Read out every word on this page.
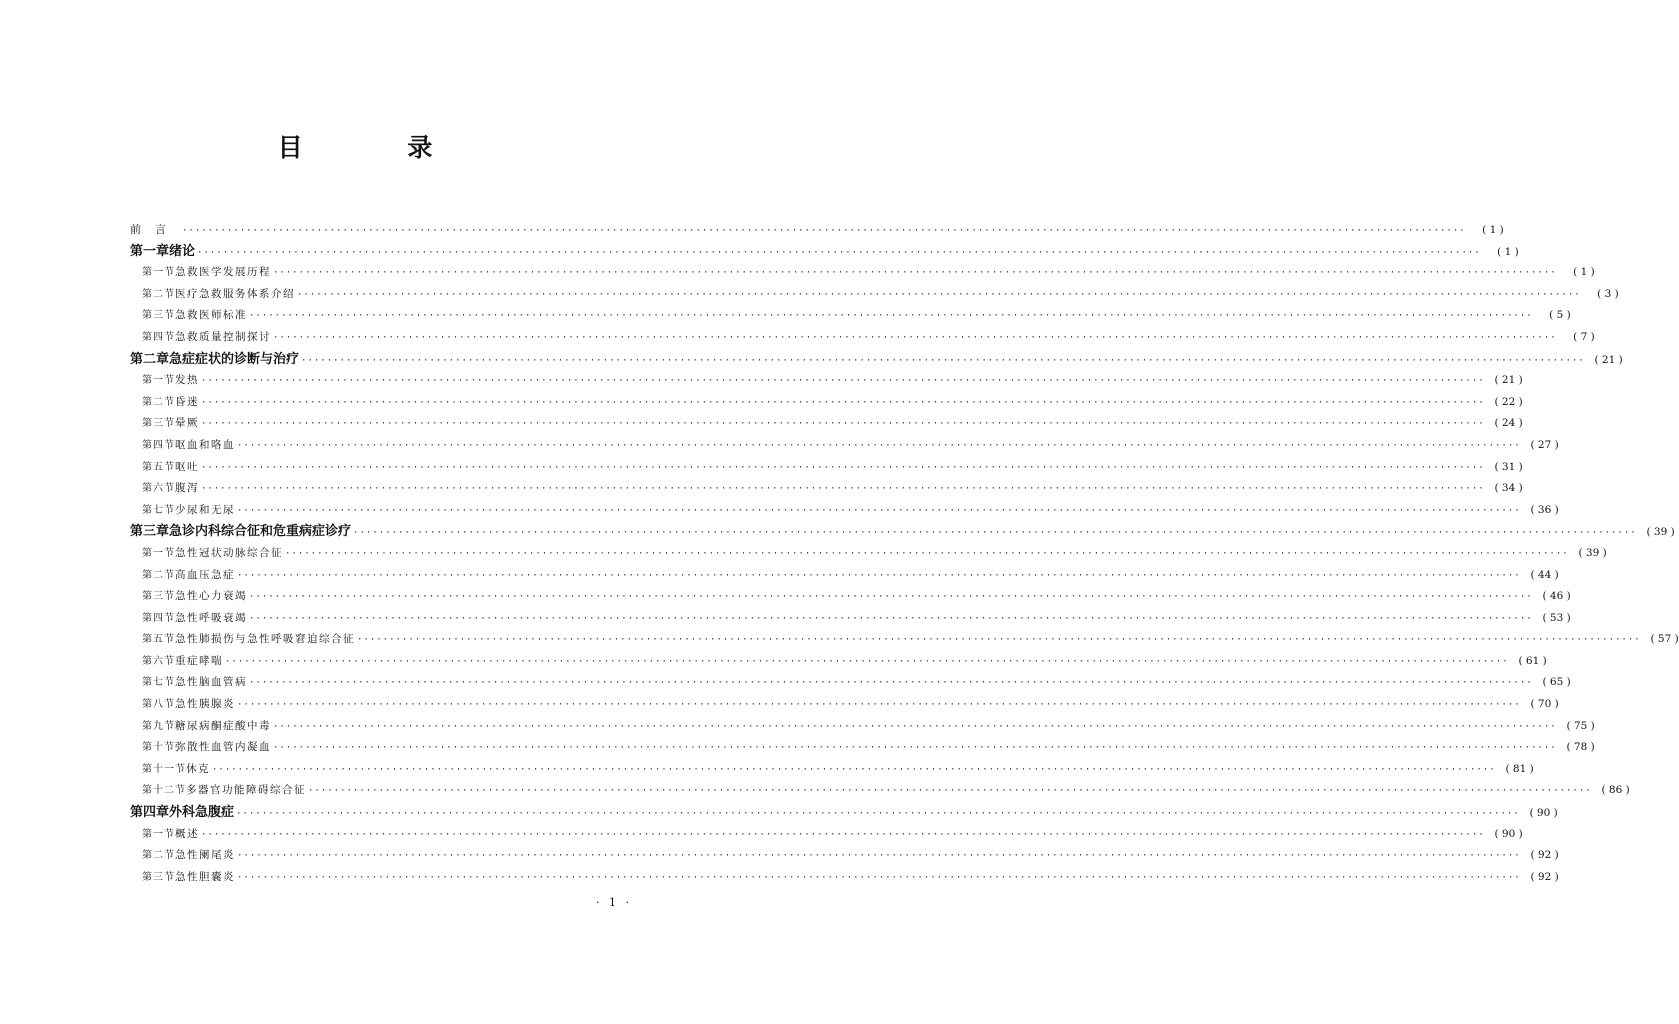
目 录
前言 ········································································································································································································	( 1 )
第一章 绪论 ········································································································································································································	( 1 )
第一节 急救医学发展历程 ········································································································································································································	( 1 )
第二节 医疗急救服务体系介绍 ········································································································································································································	( 3 )
第三节 急救医师标准 ········································································································································································································	( 5 )
第四节 急救质量控制探讨 ········································································································································································································	( 7 )
第二章 急症症状的诊断与治疗 ········································································································································································································ ( 21 )
第一节 发热 ········································································································································································································ ( 21 )
第二节 昏迷 ········································································································································································································ ( 22 )
第三节 晕厥 ········································································································································································································ ( 24 )
第四节 呕血和咯血 ········································································································································································································ ( 27 )
第五节 呕吐 ········································································································································································································ ( 31 )
第六节 腹泻 ········································································································································································································ ( 34 )
第七节 少尿和无尿 ········································································································································································································ ( 36 )
第三章 急诊内科综合征和危重病症诊疗 ········································································································································································································ ( 39 )
第一节 急性冠状动脉综合征 ········································································································································································································ ( 39 )
第二节 高血压急症 ········································································································································································································ ( 44 )
第三节 急性心力衰竭 ········································································································································································································ ( 46 )
第四节 急性呼吸衰竭 ········································································································································································································ ( 53 )
第五节 急性肺损伤与急性呼吸窘迫综合征 ········································································································································································································ ( 57 )
第六节 重症哮喘 ········································································································································································································ ( 61 )
第七节 急性脑血管病 ········································································································································································································ ( 65 )
第八节 急性胰腺炎 ········································································································································································································ ( 70 )
第九节 糖尿病酮症酸中毒 ········································································································································································································ ( 75 )
第十节 弥散性血管内凝血 ········································································································································································································ ( 78 )
第十一节 休克 ········································································································································································································ ( 81 )
第十二节 多器官功能障碍综合征 ········································································································································································································ ( 86 )
第四章 外科急腹症 ········································································································································································································ ( 90 )
第一节 概述 ········································································································································································································ ( 90 )
第二节 急性阑尾炎 ········································································································································································································ ( 92 )
第三节 急性胆囊炎 ········································································································································································································ ( 92 )
· 1 ·
